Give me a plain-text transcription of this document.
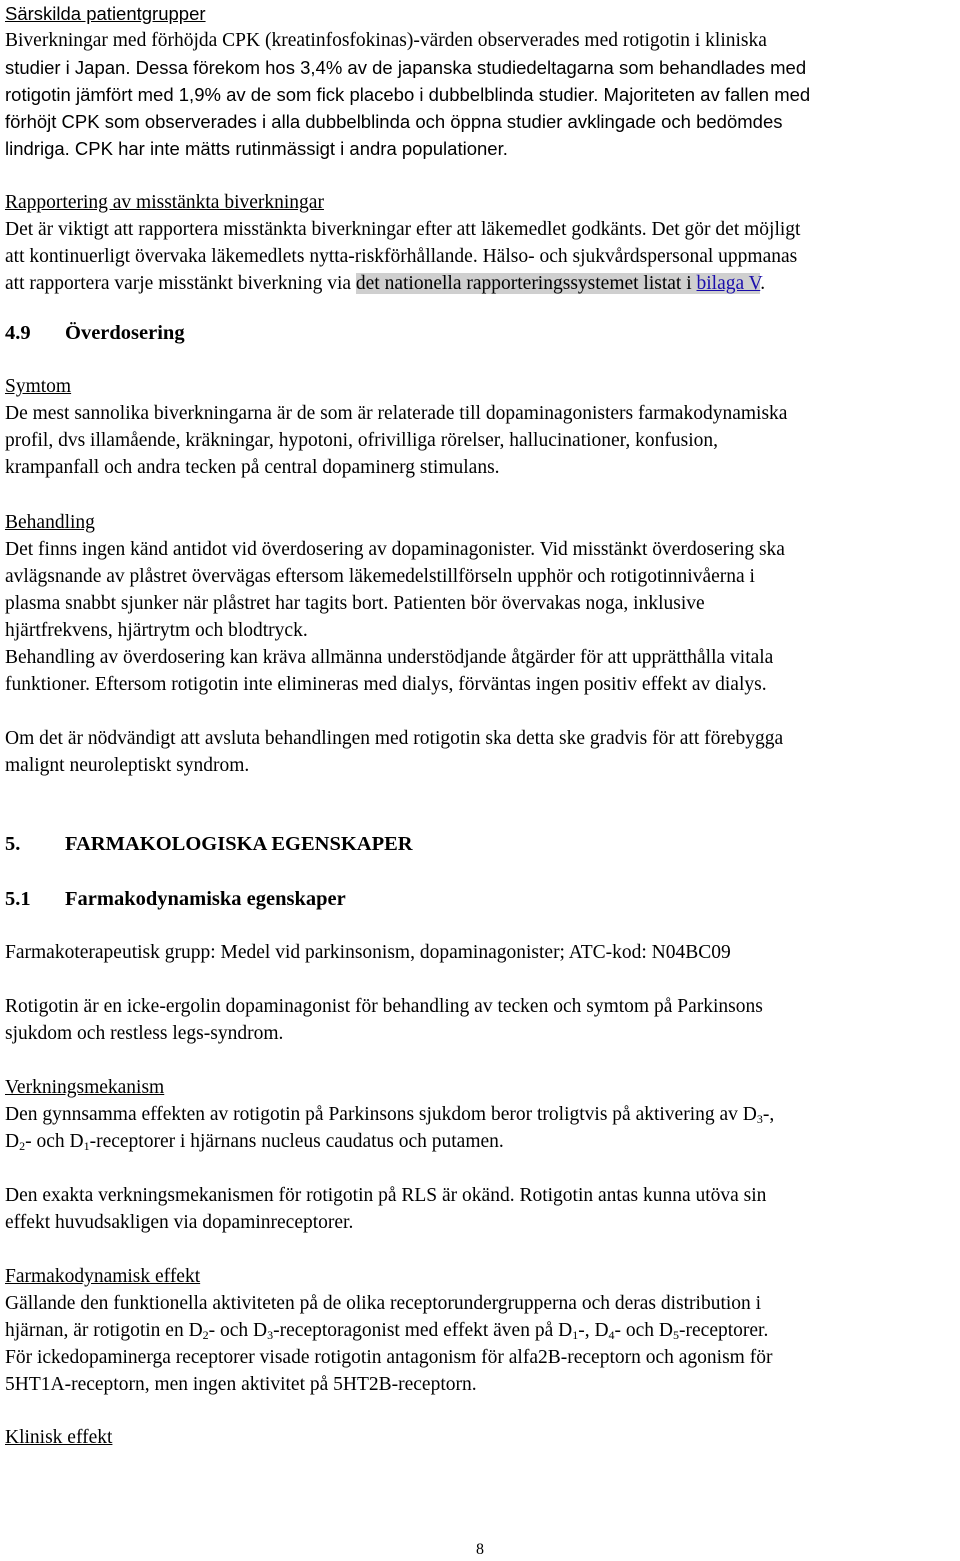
Särskilda patientgrupper
Biverkningar med förhöjda CPK (kreatinfosfokinas)-värden observerades med rotigotin i kliniska
studier i Japan. Dessa förekom hos 3,4% av de japanska studiedeltagarna som behandlades med
rotigotin jämfört med 1,9% av de som fick placebo i dubbelblinda studier. Majoriteten av fallen med
förhöjt CPK som observerades i alla dubbelblinda och öppna studier avklingade och bedömdes
lindriga. CPK har inte mätts rutinmässigt i andra populationer.
Rapportering av misstänkta biverkningar
Det är viktigt att rapportera misstänkta biverkningar efter att läkemedlet godkänts. Det gör det möjligt
att kontinuerligt övervaka läkemedlets nytta-riskförhållande. Hälso- och sjukvårdspersonal uppmanas
att rapportera varje misstänkt biverkning via det nationella rapporteringssystemet listat i bilaga V.
4.9 Överdosering
Symtom
De mest sannolika biverkningarna är de som är relaterade till dopaminagonisters farmakodynamiska
profil, dvs illamående, kräkningar, hypotoni, ofrivilliga rörelser, hallucinationer, konfusion,
krampanfall och andra tecken på central dopaminerg stimulans.
Behandling
Det finns ingen känd antidot vid överdosering av dopaminagonister. Vid misstänkt överdosering ska
avlägsnande av plåstret övervägas eftersom läkemedelstillförseln upphör och rotigotinnivåerna i
plasma snabbt sjunker när plåstret har tagits bort. Patienten bör övervakas noga, inklusive
hjärtfrekvens, hjärtrytm och blodtryck.
Behandling av överdosering kan kräva allmänna understödjande åtgärder för att upprätthålla vitala
funktioner. Eftersom rotigotin inte elimineras med dialys, förväntas ingen positiv effekt av dialys.
Om det är nödvändigt att avsluta behandlingen med rotigotin ska detta ske gradvis för att förebygga
malignt neuroleptiskt syndrom.
5. FARMAKOLOGISKA EGENSKAPER
5.1 Farmakodynamiska egenskaper
Farmakoterapeutisk grupp: Medel vid parkinsonism, dopaminagonister; ATC-kod: N04BC09
Rotigotin är en icke-ergolin dopaminagonist för behandling av tecken och symtom på Parkinsons
sjukdom och restless legs-syndrom.
Verkningsmekanism
Den gynnsamma effekten av rotigotin på Parkinsons sjukdom beror troligtvis på aktivering av $D_3-$,
$D_2-$ och $D_1$-receptorer i hjärnans nucleus caudatus och putamen.
Den exakta verkningsmekanismen för rotigotin på RLS är okänd. Rotigotin antas kunna utöva sin
effekt huvudsakligen via dopaminreceptorer.
Farmakodynamisk effekt
Gällande den funktionella aktiviteten på de olika receptorundergrupperna och deras distribution i
hjärnan, är rotigotin en $D_2-$ och $D_3$-receptoragonist med effekt även på $D_1-$, $D_4-$ och $D_5$-receptorer.
För ickedopaminerga receptorer visade rotigotin antagonism för alfa2B-receptorn och agonism för
5HT1A-receptorn, men ingen aktivitet på 5HT2B-receptorn.
Klinisk effekt
8
